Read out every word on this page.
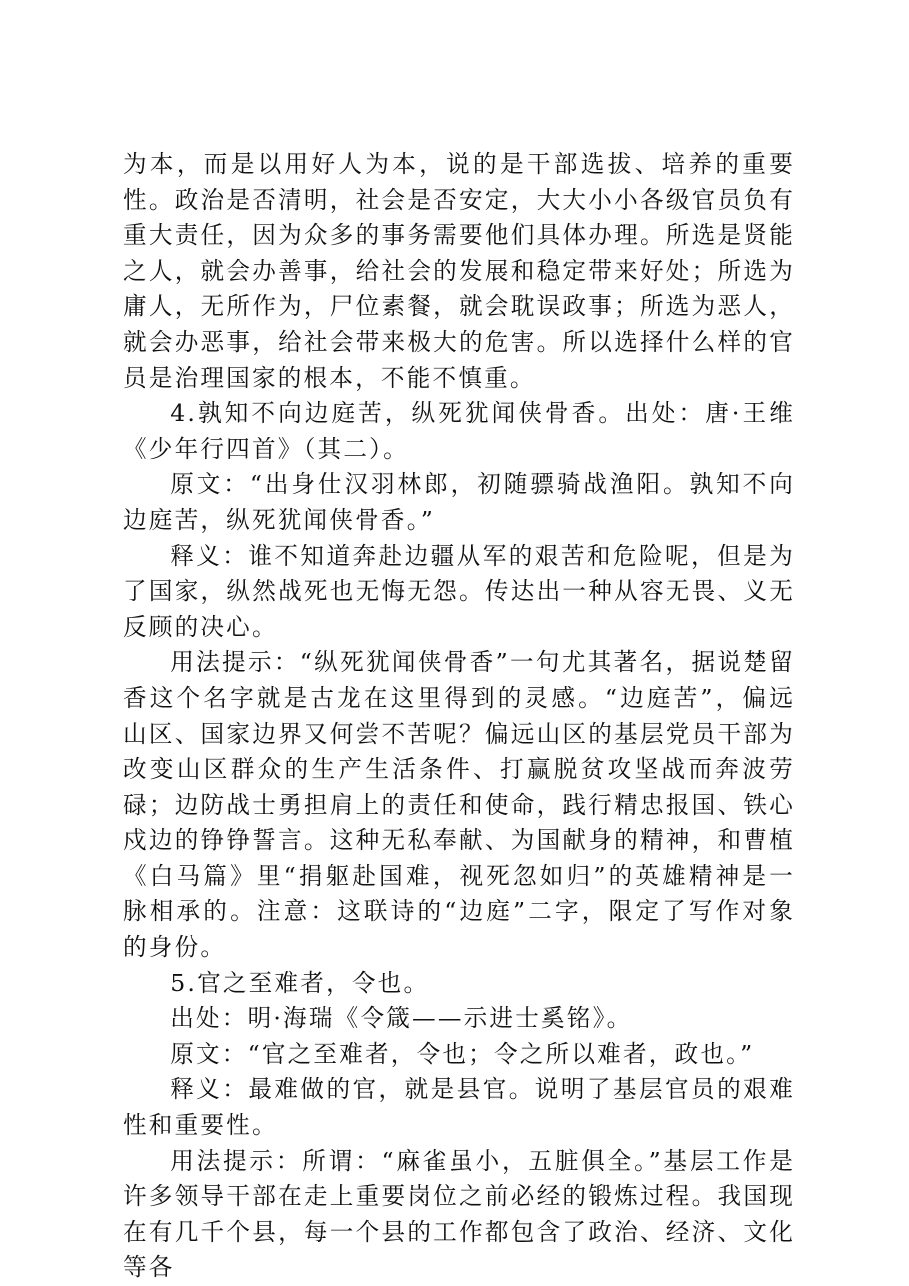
为本，而是以用好人为本，说的是干部选拔、培养的重要性。政治是否清明，社会是否安定，大大小小各级官员负有重大责任，因为众多的事务需要他们具体办理。所选是贤能之人，就会办善事，给社会的发展和稳定带来好处；所选为庸人，无所作为，尸位素餐，就会耽误政事；所选为恶人，就会办恶事，给社会带来极大的危害。所以选择什么样的官员是治理国家的根本，不能不慎重。

4.孰知不向边庭苦，纵死犹闻侠骨香。出处：唐·王维《少年行四首》（其二）。

原文：“出身仕汉羽林郎，初随骠骑战渔阳。孰知不向边庭苦，纵死犹闻侠骨香。”

释义：谁不知道奔赴边疆从军的艰苦和危险呢，但是为了国家，纵然战死也无悔无怨。传达出一种从容无畏、义无反顾的决心。

用法提示：“纵死犹闻侠骨香”一句尤其著名，据说楚留香这个名字就是古龙在这里得到的灵感。“边庭苦”，偏远山区、国家边界又何尝不苦呢？偏远山区的基层党员干部为改变山区群众的生产生活条件、打赢脱贫攻坚战而奔波劳碌；边防战士勇担肩上的责任和使命，践行精忠报国、铁心戍边的铮铮誓言。这种无私奉献、为国献身的精神，和曹植《白马篇》里“捐躯赴国难，视死忽如归”的英雄精神是一脉相承的。注意：这联诗的“边庭”二字，限定了写作对象的身份。

5.官之至难者，令也。

出处：明·海瑞《令箴——示进士奚铭》。

原文：“官之至难者，令也；令之所以难者，政也。”

释义：最难做的官，就是县官。说明了基层官员的艰难性和重要性。

用法提示：所谓：“麻雀虽小，五脏俱全。”基层工作是许多领导干部在走上重要岗位之前必经的锻炼过程。我国现在有几千个县，每一个县的工作都包含了政治、经济、文化等各
